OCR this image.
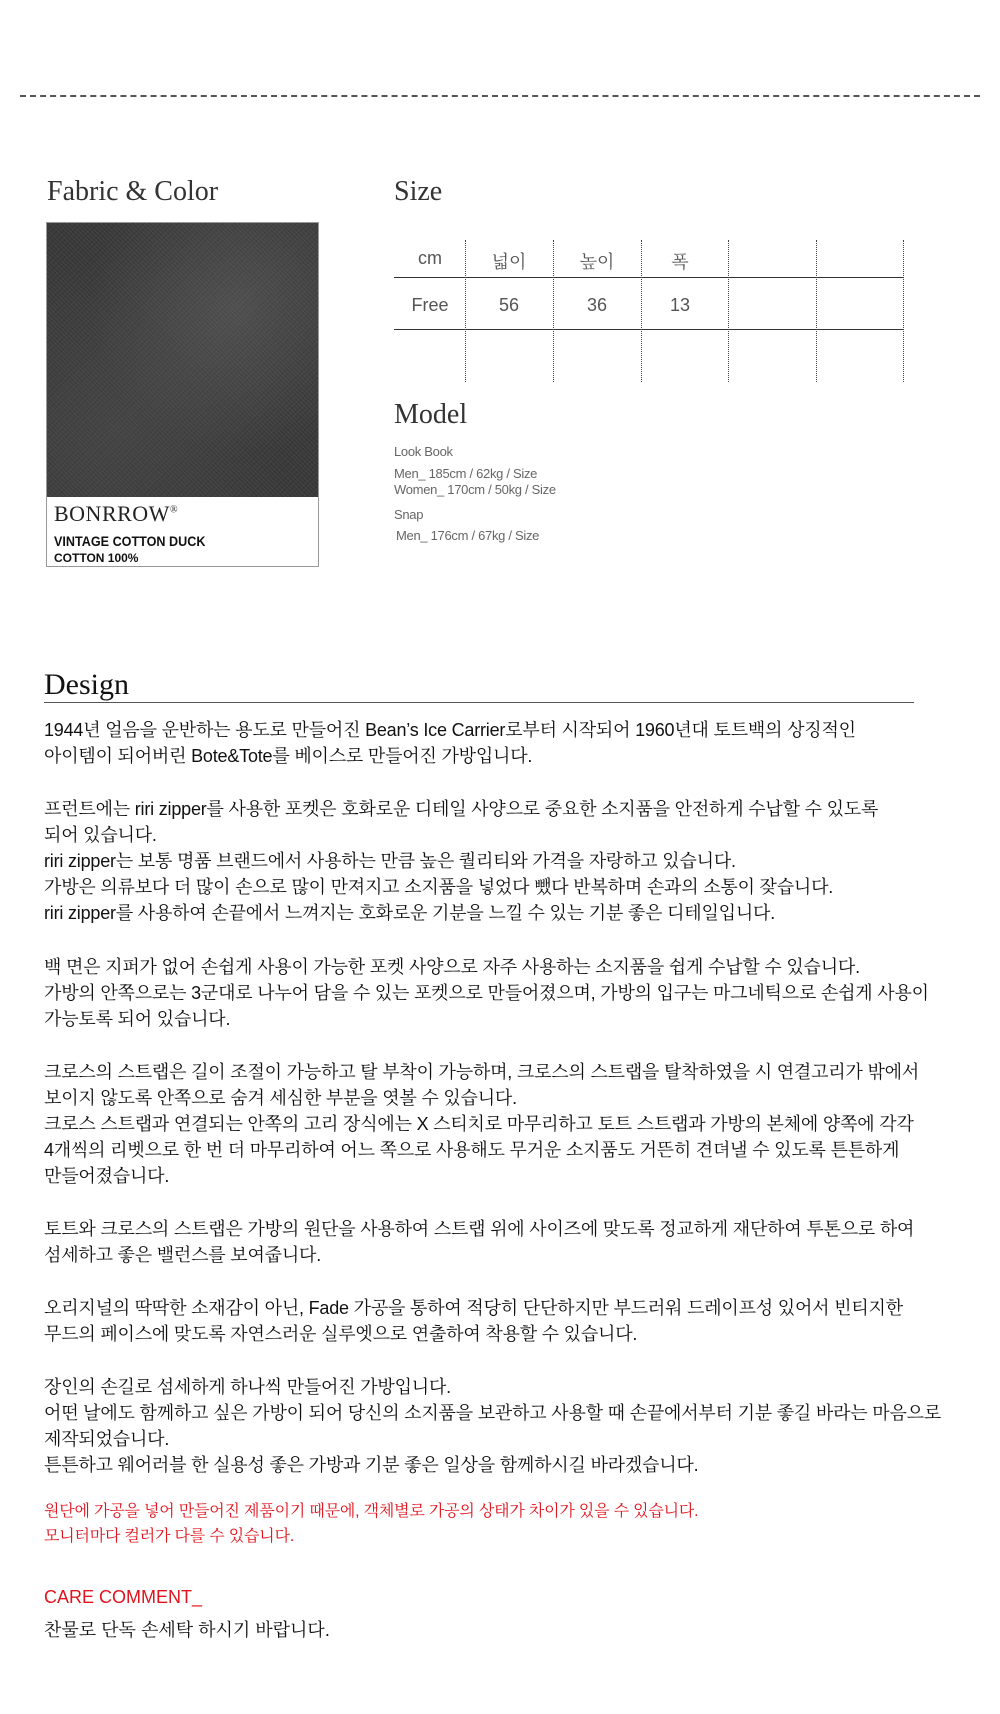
Fabric & Color
BONRROW®
VINTAGE COTTON DUCK
COTTON 100%
Size
cm	넓이	높이	폭
Free	56	36	13
Model
Look Book
Men_ 185cm / 62kg / Size
Women_ 170cm / 50kg / Size
Snap
Men_ 176cm / 67kg / Size
Design

1944년 얼음을 운반하는 용도로 만들어진 Bean’s Ice Carrier로부터 시작되어 1960년대 토트백의 상징적인
아이템이 되어버린 Bote&Tote를 베이스로 만들어진 가방입니다.

프런트에는 riri zipper를 사용한 포켓은 호화로운 디테일 사양으로 중요한 소지품을 안전하게 수납할 수 있도록
되어 있습니다.
riri zipper는 보통 명품 브랜드에서 사용하는 만큼 높은 퀄리티와 가격을 자랑하고 있습니다.
가방은 의류보다 더 많이 손으로 많이 만져지고 소지품을 넣었다 뺐다 반복하며 손과의 소통이 잦습니다.
riri zipper를 사용하여 손끝에서 느껴지는 호화로운 기분을 느낄 수 있는 기분 좋은 디테일입니다.

백 면은 지퍼가 없어 손쉽게 사용이 가능한 포켓 사양으로 자주 사용하는 소지품을 쉽게 수납할 수 있습니다.
가방의 안쪽으로는 3군대로 나누어 담을 수 있는 포켓으로 만들어졌으며, 가방의 입구는 마그네틱으로 손쉽게 사용이
가능토록 되어 있습니다.

크로스의 스트랩은 길이 조절이 가능하고 탈 부착이 가능하며, 크로스의 스트랩을 탈착하였을 시 연결고리가 밖에서
보이지 않도록 안쪽으로 숨겨 세심한 부분을 엿볼 수 있습니다.
크로스 스트랩과 연결되는 안쪽의 고리 장식에는 X 스티치로 마무리하고 토트 스트랩과 가방의 본체에 양쪽에 각각
4개씩의 리벳으로 한 번 더 마무리하여 어느 쪽으로 사용해도 무거운 소지품도 거뜬히 견뎌낼 수 있도록 튼튼하게
만들어졌습니다.

토트와 크로스의 스트랩은 가방의 원단을 사용하여 스트랩 위에 사이즈에 맞도록 정교하게 재단하여 투톤으로 하여
섬세하고 좋은 밸런스를 보여줍니다.

오리지널의 딱딱한 소재감이 아닌, Fade 가공을 통하여 적당히 단단하지만 부드러워 드레이프성 있어서 빈티지한
무드의 페이스에 맞도록 자연스러운 실루엣으로 연출하여 착용할 수 있습니다.

장인의 손길로 섬세하게 하나씩 만들어진 가방입니다.
어떤 날에도 함께하고 싶은 가방이 되어 당신의 소지품을 보관하고 사용할 때 손끝에서부터 기분 좋길 바라는 마음으로
제작되었습니다.
튼튼하고 웨어러블 한 실용성 좋은 가방과 기분 좋은 일상을 함께하시길 바라겠습니다.

원단에 가공을 넣어 만들어진 제품이기 때문에, 객체별로 가공의 상태가 차이가 있을 수 있습니다.
모니터마다 컬러가 다를 수 있습니다.

CARE COMMENT_
찬물로 단독 손세탁 하시기 바랍니다.
